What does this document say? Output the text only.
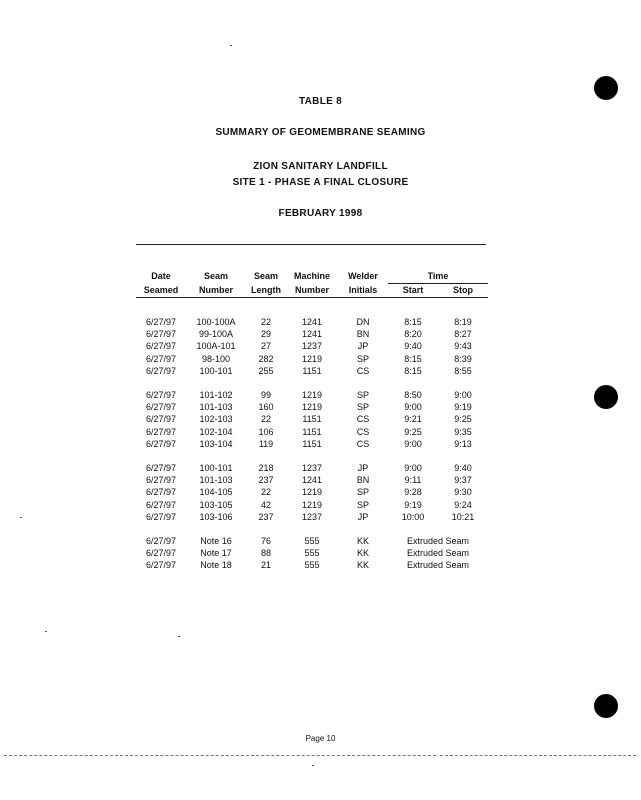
TABLE 8
SUMMARY OF GEOMEMBRANE SEAMING
ZION SANITARY LANDFILL
SITE 1 - PHASE A FINAL CLOSURE
FEBRUARY 1998
Date	Seam	Seam	Machine	Welder	Time	
Seamed	Number	Length	Number	Initials	Start	Stop

6/27/97	100-100A	22	1241	DN	8:15	8:19
6/27/97	99-100A	29	1241	BN	8:20	8:27
6/27/97	100A-101	27	1237	JP	9:40	9:43
6/27/97	98-100	282	1219	SP	8:15	8:39
6/27/97	100-101	255	1151	CS	8:15	8:55

6/27/97	101-102	99	1219	SP	8:50	9:00
6/27/97	101-103	160	1219	SP	9:00	9:19
6/27/97	102-103	22	1151	CS	9:21	9:25
6/27/97	102-104	106	1151	CS	9:25	9:35
6/27/97	103-104	119	1151	CS	9:00	9:13

6/27/97	100-101	218	1237	JP	9:00	9:40
6/27/97	101-103	237	1241	BN	9:11	9:37
6/27/97	104-105	22	1219	SP	9:28	9:30
6/27/97	103-105	42	1219	SP	9:19	9:24
6/27/97	103-106	237	1237	JP	10:00	10:21

6/27/97	Note 16	76	555	KK	Extruded Seam	
6/27/97	Note 17	88	555	KK	Extruded Seam	
6/27/97	Note 18	21	555	KK	Extruded Seam	
Page 10
